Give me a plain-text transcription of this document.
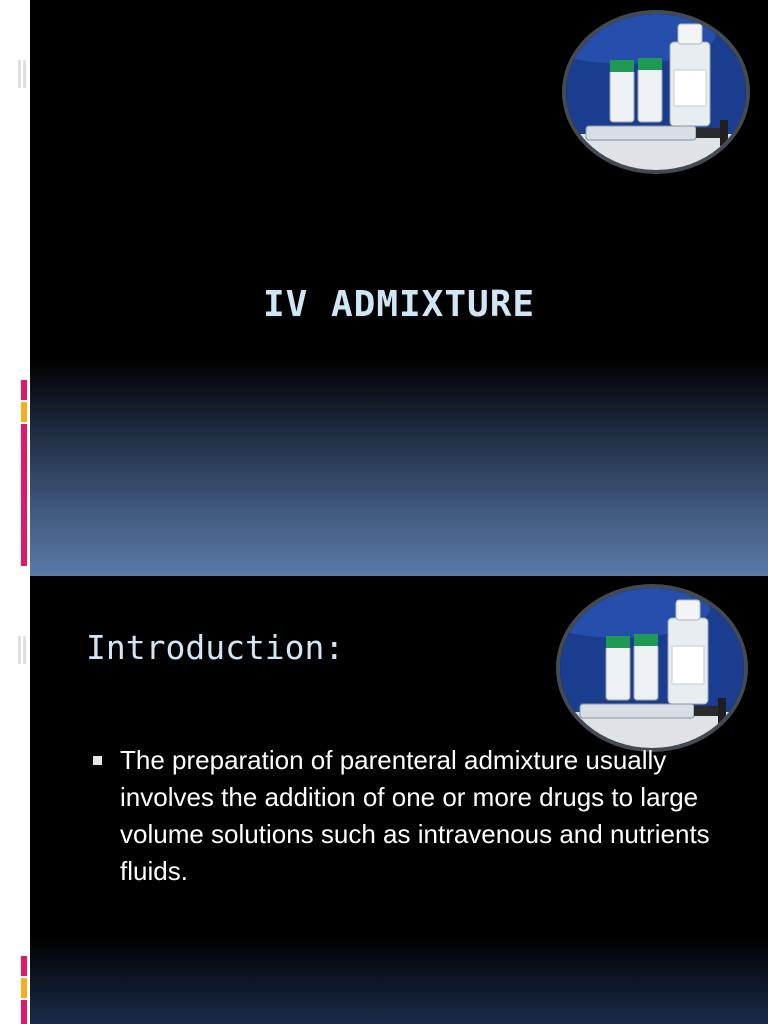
IV ADMIXTURE
Introduction:
The preparation of parenteral admixture usually involves the addition of one or more drugs to large volume solutions such as intravenous and nutrients fluids.
